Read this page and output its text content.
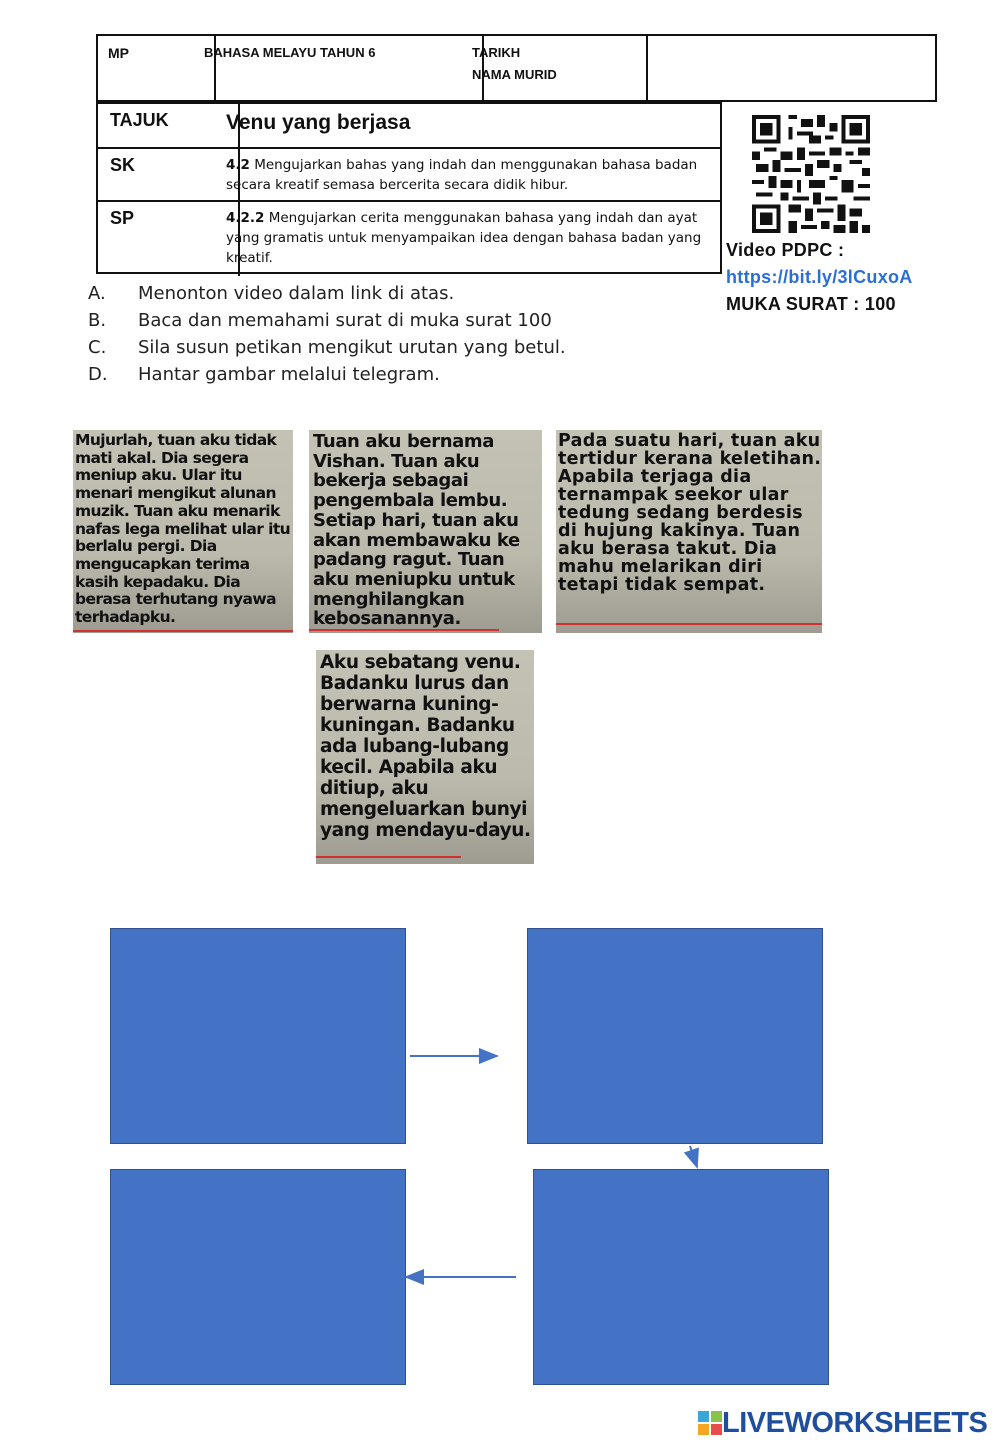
MP	BAHASA MELAYU TAHUN 6	TARIKH
NAMA MURID
TAJUK	Venu yang berjasa
SK	4.2 Mengujarkan bahas yang indah dan menggunakan bahasa badan secara kreatif semasa bercerita secara didik hibur.
SP	4.2.2 Mengujarkan cerita menggunakan bahasa yang indah dan ayat yang gramatis untuk menyampaikan idea dengan bahasa badan yang kreatif.	Video PDPC :
https://bit.ly/3lCuxoA
MUKA SURAT : 100
A.	Menonton video dalam link di atas.
B.	Baca dan memahami surat di muka surat 100
C.	Sila susun petikan mengikut urutan yang betul.
D.	Hantar gambar melalui telegram.
Mujurlah, tuan aku tidak mati akal. Dia segera meniup aku. Ular itu menari mengikut alunan muzik. Tuan aku menarik nafas lega melihat ular itu berlalu pergi. Dia mengucapkan terima kasih kepadaku. Dia berasa terhutang nyawa terhadapku.
Tuan aku bernama Vishan. Tuan aku bekerja sebagai pengembala lembu. Setiap hari, tuan aku akan membawaku ke padang ragut. Tuan aku meniupku untuk menghilangkan kebosanannya.
Pada suatu hari, tuan aku tertidur kerana keletihan. Apabila terjaga dia ternampak seekor ular tedung sedang berdesis di hujung kakinya. Tuan aku berasa takut. Dia mahu melarikan diri tetapi tidak sempat.
Aku sebatang venu. Badanku lurus dan berwarna kuning-kuningan. Badanku ada lubang-lubang kecil. Apabila aku ditiup, aku mengeluarkan bunyi yang mendayu-dayu.
LIVEWORKSHEETS
